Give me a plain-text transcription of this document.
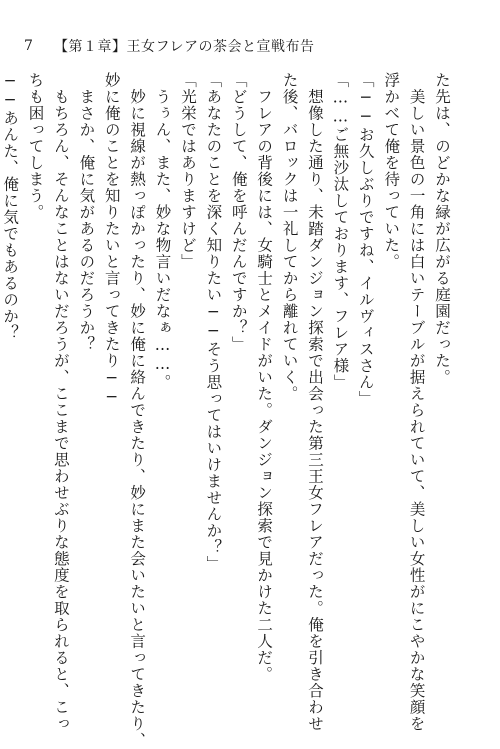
7	【第１章】王女フレアの茶会と宣戦布告
た先は、のどかな緑が広がる庭園だった。
　美しい景色の一角には白いテーブルが据えられていて、美しい女性がにこやかな笑顔を
浮かべて俺を待っていた。
「──お久しぶりですね、イルヴィスさん」
「……ご無沙汰しております、フレア様」
　想像した通り、未踏ダンジョン探索で出会った第三王女フレアだった。俺を引き合わせ
た後、バロックは一礼してから離れていく。
　フレアの背後には、女騎士とメイドがいた。ダンジョン探索で見かけた二人だ。
「どうして、俺を呼んだんですか？」
「あなたのことを深く知りたい──そう思ってはいけませんか？」
「光栄ではありますけど」
　うぅん、また、妙な物言いだなぁ……。
　妙に視線が熱っぽかったり、妙に俺に絡んできたり、妙にまた会いたいと言ってきたり、
妙に俺のことを知りたいと言ってきたり──
　まさか、俺に気があるのだろうか？
　もちろん、そんなことはないだろうが、ここまで思わせぶりな態度を取られると、こっ
ちも困ってしまう。
──あんた、俺に気でもあるのか？
